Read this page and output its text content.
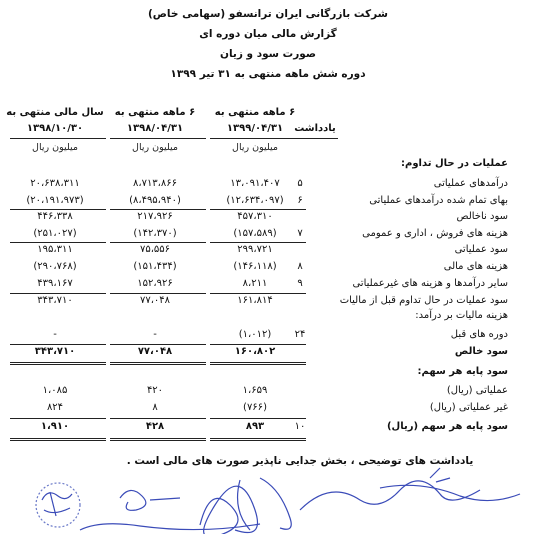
شرکت بازرگانی ایران ترانسفو (سهامی خاص)
گزارش مالی میان دوره ای
صورت سود و زیان
دوره شش ماهه منتهی به ۳۱ تیر ۱۳۹۹
۶ ماهه منتهی به
۱۳۹۹/۰۴/۳۱
۶ ماهه منتهی به
۱۳۹۸/۰۴/۳۱
سال مالی منتهی به
۱۳۹۸/۱۰/۳۰	یادداشت
میلیون ریال
میلیون ریال
میلیون ریال
عملیات در حال تداوم:
درآمدهای عملیاتی
۵
۱۳،۰۹۱،۴۰۷
۸،۷۱۳،۸۶۶
۲۰،۶۳۸،۳۱۱
بهای تمام شده درآمدهای عملیاتی
۶
(۱۲،۶۳۴،۰۹۷)
(۸،۴۹۵،۹۴۰)
(۲۰،۱۹۱،۹۷۳)
سود ناخالص
۴۵۷،۳۱۰
۲۱۷،۹۲۶
۴۴۶،۳۳۸
هزینه های فروش ، اداری و عمومی
۷
(۱۵۷،۵۸۹)
(۱۴۲،۳۷۰)
(۲۵۱،۰۲۷)
سود عملیاتی
۲۹۹،۷۲۱
۷۵،۵۵۶
۱۹۵،۳۱۱
هزینه های مالی
۸
(۱۴۶،۱۱۸)
(۱۵۱،۴۳۴)
(۲۹۰،۷۶۸)
سایر درآمدها و هزینه های غیرعملیاتی
۹
۸،۲۱۱
۱۵۲،۹۲۶
۴۳۹،۱۶۷
سود عملیات در حال تداوم قبل از مالیات
۱۶۱،۸۱۴
۷۷،۰۴۸
۳۴۳،۷۱۰
هزینه مالیات بر درآمد:
دوره های قبل
۲۴
(۱،۰۱۲)
-
-
سود خالص
۱۶۰،۸۰۲
۷۷،۰۴۸
۳۴۳،۷۱۰
سود پایه هر سهم:
عملیاتی (ریال)
۱،۶۵۹
۴۲۰
۱،۰۸۵
غیر عملیاتی (ریال)
(۷۶۶)
۸
۸۲۴
سود پایه هر سهم (ریال)
۱۰
۸۹۳
۴۲۸
۱،۹۱۰
یادداشت های توضیحی ، بخش جدایی ناپذیر صورت های مالی است .
